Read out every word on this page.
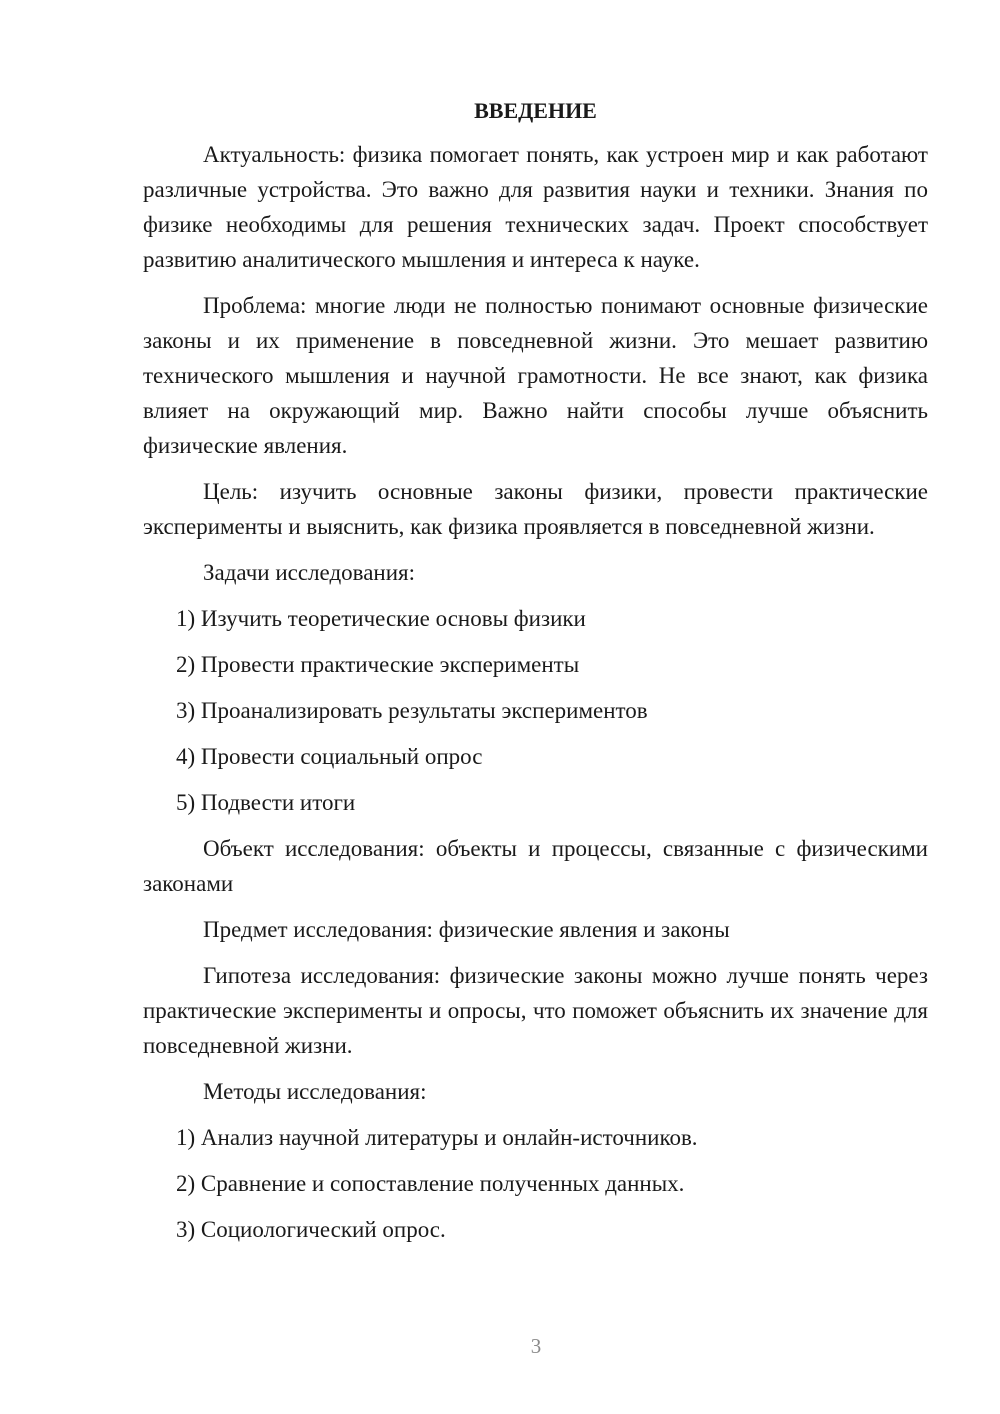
ВВЕДЕНИЕ

Актуальность: физика помогает понять, как устроен мир и как работают различные устройства. Это важно для развития науки и техники. Знания по физике необходимы для решения технических задач. Проект способствует развитию аналитического мышления и интереса к науке.

Проблема: многие люди не полностью понимают основные физические законы и их применение в повседневной жизни. Это мешает развитию технического мышления и научной грамотности. Не все знают, как физика влияет на окружающий мир. Важно найти способы лучше объяснить физические явления.

Цель: изучить основные законы физики, провести практические эксперименты и выяснить, как физика проявляется в повседневной жизни.

Задачи исследования:

1) Изучить теоретические основы физики
2) Провести практические эксперименты
3) Проанализировать результаты экспериментов
4) Провести социальный опрос
5) Подвести итоги

Объект исследования: объекты и процессы, связанные с физическими законами

Предмет исследования: физические явления и законы

Гипотеза исследования: физические законы можно лучше понять через практические эксперименты и опросы, что поможет объяснить их значение для повседневной жизни.

Методы исследования:

1) Анализ научной литературы и онлайн-источников.
2) Сравнение и сопоставление полученных данных.
3) Социологический опрос.
3
